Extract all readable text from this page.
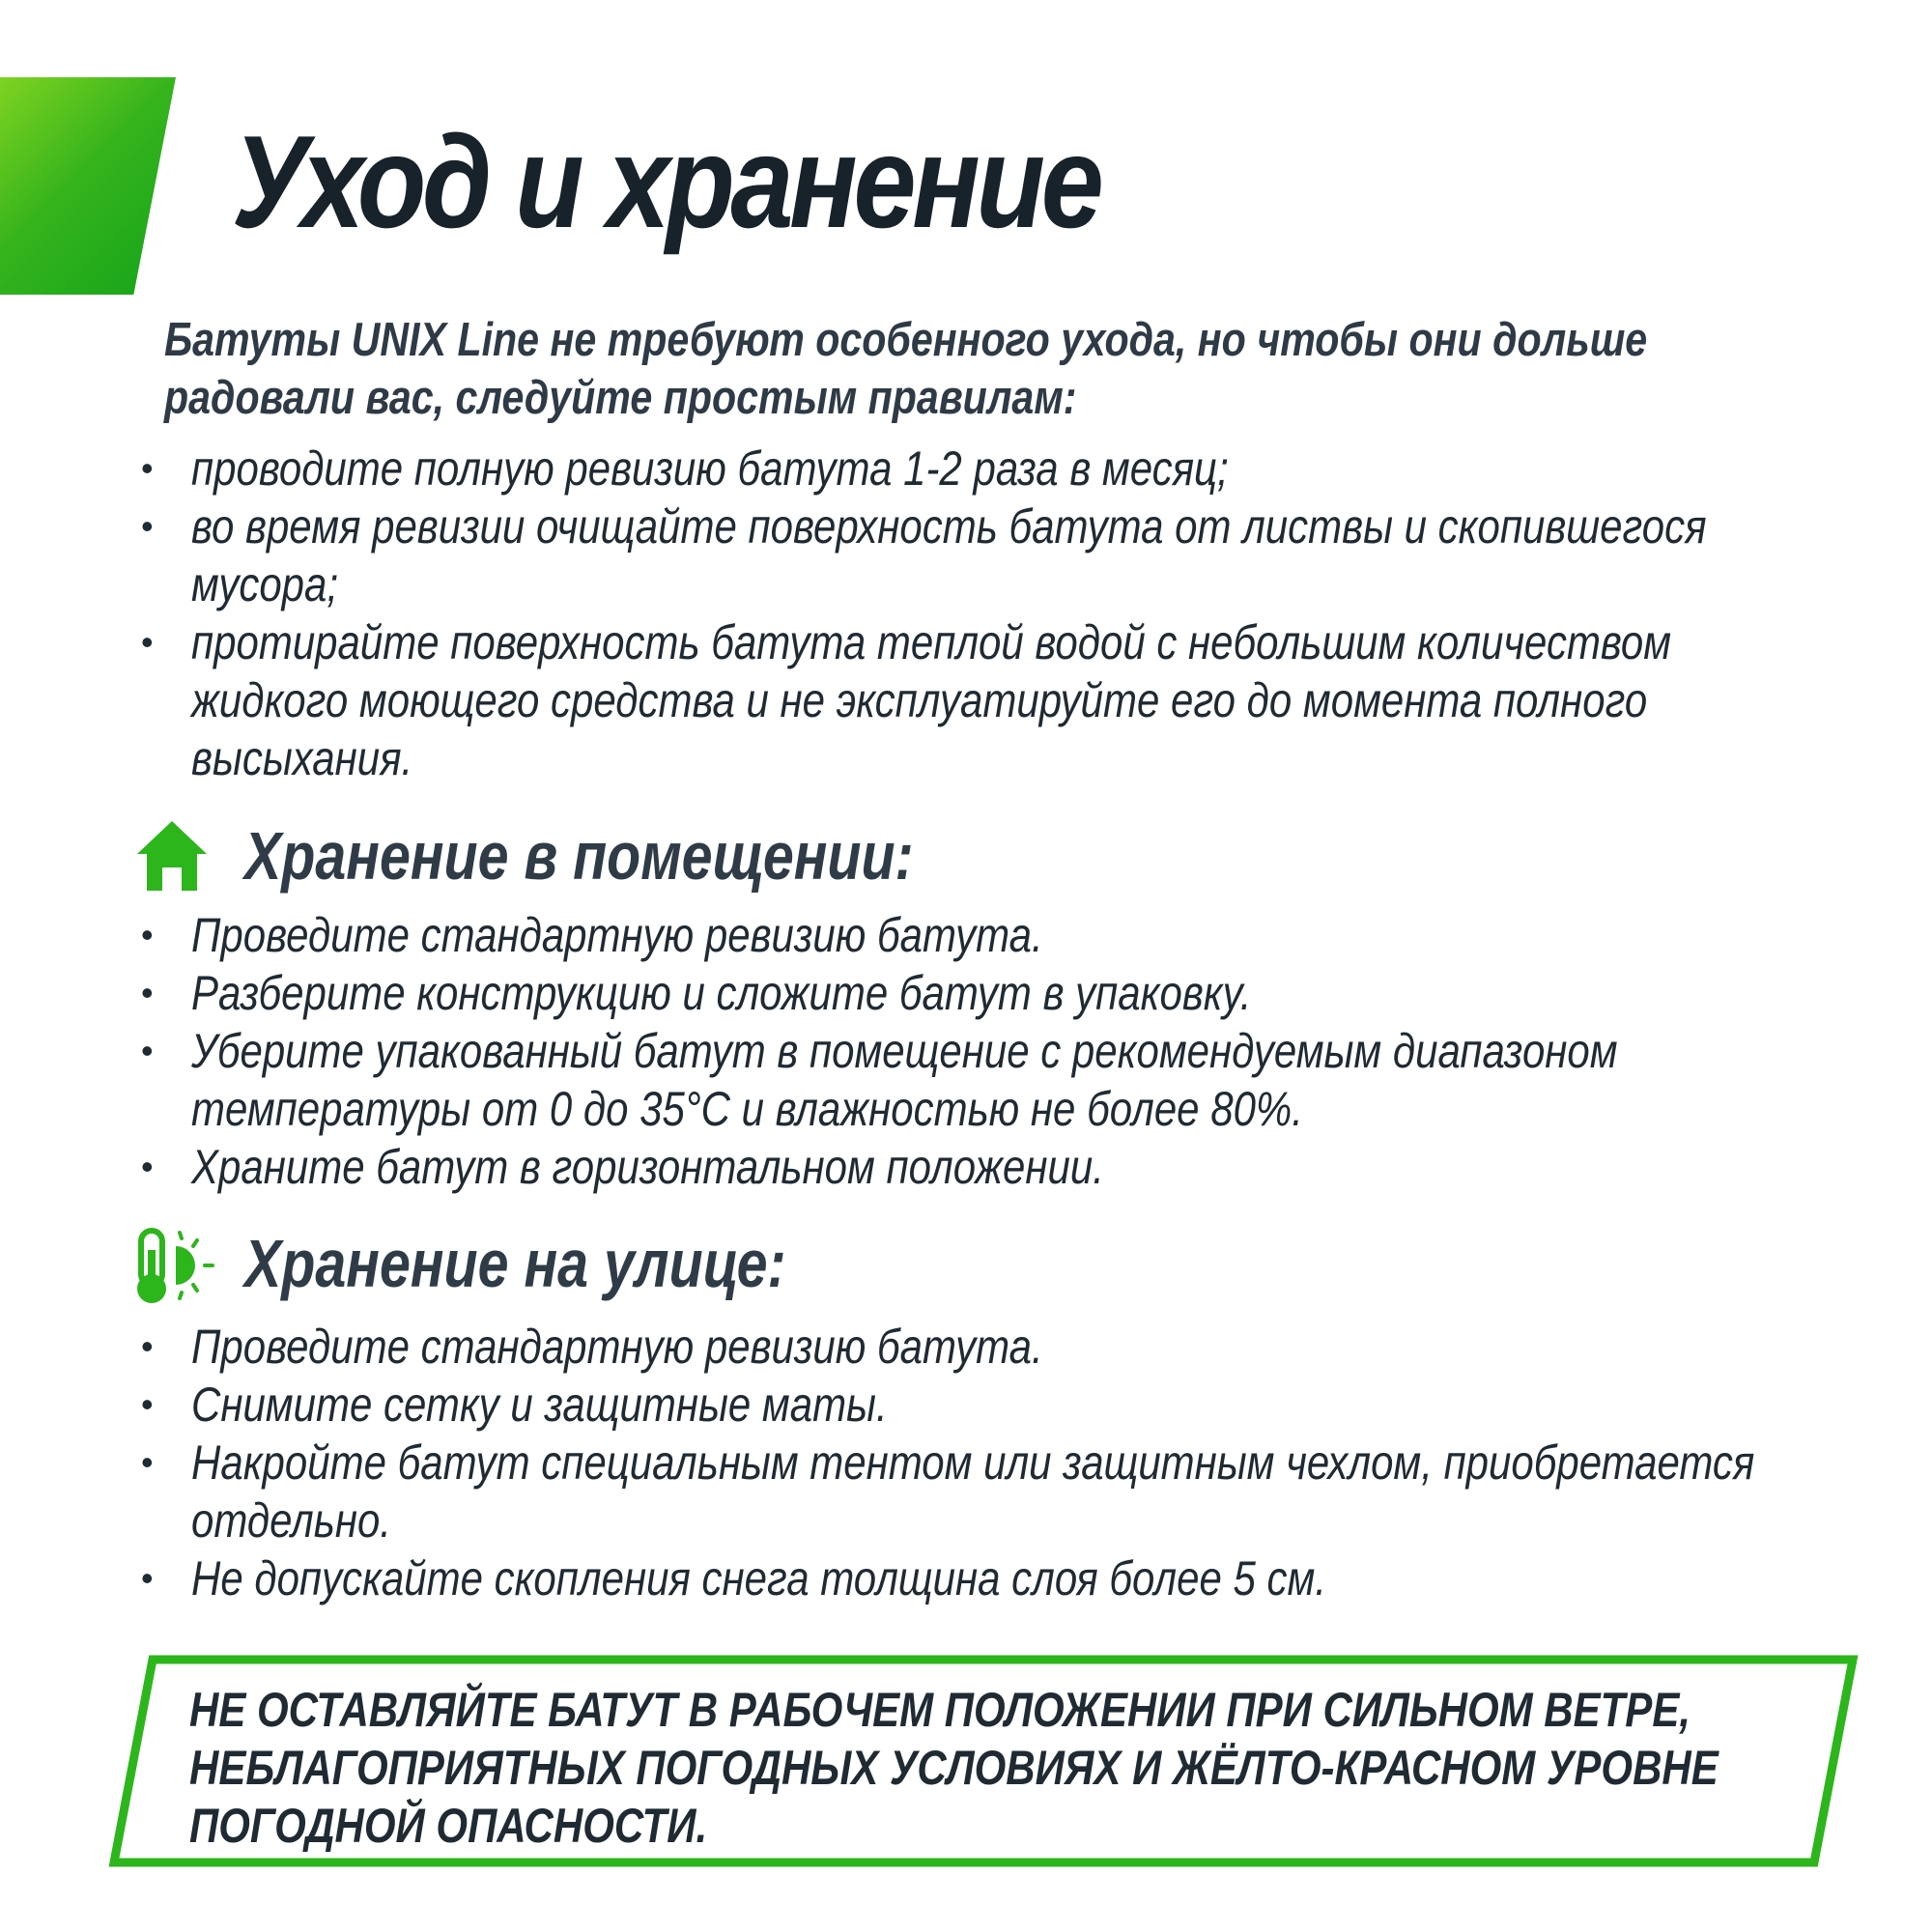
Уход и хранение
Батуты UNIX Line не требуют особенного ухода, но чтобы они дольше
радовали вас, следуйте простым правилам:
• проводите полную ревизию батута 1-2 раза в месяц;
• во время ревизии очищайте поверхность батута от листвы и скопившегося
мусора;
• протирайте поверхность батута теплой водой с небольшим количеством
жидкого моющего средства и не эксплуатируйте его до момента полного
высыхания.
Хранение в помещении:
• Проведите стандартную ревизию батута.
• Разберите конструкцию и сложите батут в упаковку.
• Уберите упакованный батут в помещение с рекомендуемым диапазоном
температуры от 0 до 35°С и влажностью не более 80%.
• Храните батут в горизонтальном положении.
Хранение на улице:
• Проведите стандартную ревизию батута.
• Снимите сетку и защитные маты.
• Накройте батут специальным тентом или защитным чехлом, приобретается
отдельно.
• Не допускайте скопления снега толщина слоя более 5 см.
НЕ ОСТАВЛЯЙТЕ БАТУТ В РАБОЧЕМ ПОЛОЖЕНИИ ПРИ СИЛЬНОМ ВЕТРЕ,
НЕБЛАГОПРИЯТНЫХ ПОГОДНЫХ УСЛОВИЯХ И ЖЁЛТО-КРАСНОМ УРОВНЕ
ПОГОДНОЙ ОПАСНОСТИ.
